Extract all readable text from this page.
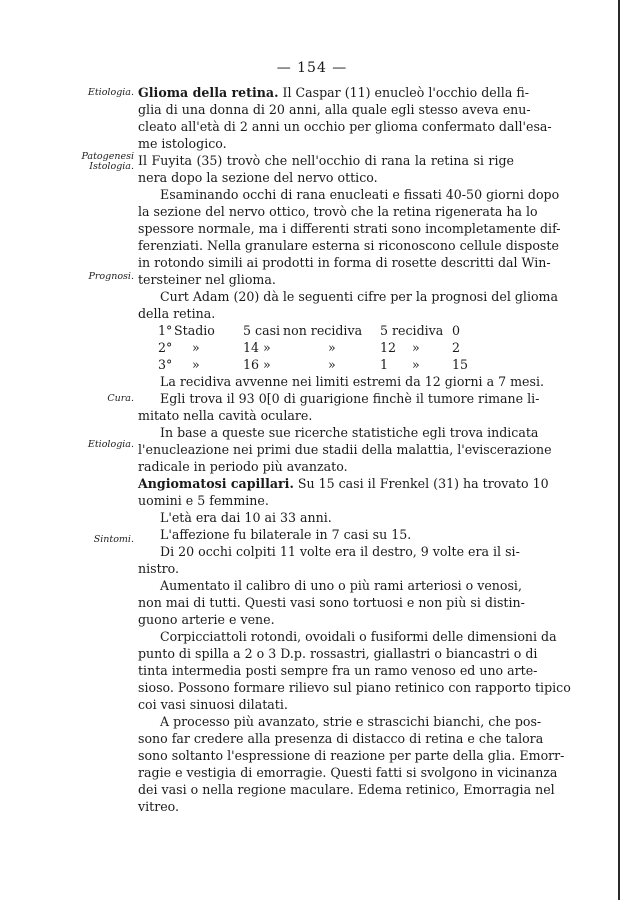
— 154 —
Etiologia.
Patogenesi
Istologia.
Prognosi.
Cura.
Etiologia.
Sintomi.
Glioma della retina. Il Caspar (11) enucleò l'occhio della fi-
glia di una donna di 20 anni, alla quale egli stesso aveva enu-
cleato all'età di 2 anni un occhio per glioma confermato dall'esa-
me istologico.
Il Fuyita (35) trovò che nell'occhio di rana la retina si rige
nera dopo la sezione del nervo ottico.
Esaminando occhi di rana enucleati e fissati 40-50 giorni dopo
la sezione del nervo ottico, trovò che la retina rigenerata ha lo
spessore normale, ma i differenti strati sono incompletamente dif-
ferenziati. Nella granulare esterna si riconoscono cellule disposte
in rotondo simili ai prodotti in forma di rosette descritti dal Win-
tersteiner nel glioma.
Curt Adam (20) dà le seguenti cifre per la prognosi del glioma
della retina.
1° Stadio 5 casi non recidiva 5 recidiva 0
2° »	14 »	»	12 »	2
3° »	16 »	»	1 »	15
La recidiva avvenne nei limiti estremi da 12 giorni a 7 mesi.
Egli trova il 93 0[0 di guarigione finchè il tumore rimane li-
mitato nella cavità oculare.
In base a queste sue ricerche statistiche egli trova indicata
l'enucleazione nei primi due stadii della malattia, l'eviscerazione
radicale in periodo più avanzato.
Angiomatosi capillari. Su 15 casi il Frenkel (31) ha trovato 10
uomini e 5 femmine.
L'età era dai 10 ai 33 anni.
L'affezione fu bilaterale in 7 casi su 15.
Di 20 occhi colpiti 11 volte era il destro, 9 volte era il si-
nistro.
Aumentato il calibro di uno o più rami arteriosi o venosi,
non mai di tutti. Questi vasi sono tortuosi e non più si distin-
guono arterie e vene.
Corpicciattoli rotondi, ovoidali o fusiformi delle dimensioni da
punto di spilla a 2 o 3 D.p. rossastri, giallastri o biancastri o di
tinta intermedia posti sempre fra un ramo venoso ed uno arte-
sioso. Possono formare rilievo sul piano retinico con rapporto tipico
coi vasi sinuosi dilatati.
A processo più avanzato, strie e strascichi bianchi, che pos-
sono far credere alla presenza di distacco di retina e che talora
sono soltanto l'espressione di reazione per parte della glia. Emorr-
ragie e vestigia di emorragie. Questi fatti si svolgono in vicinanza
dei vasi o nella regione maculare. Edema retinico, Emorragia nel
vitreo.
